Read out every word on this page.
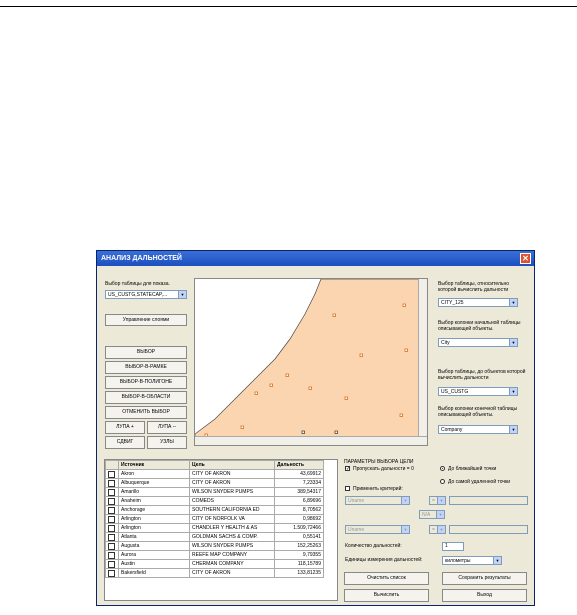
АНАЛИЗ ДАЛЬНОСТЕЙ	✕
Выбор таблицы для показа.
US_CUSTG,STATECAP,...	▼
Управление слоями
ВЫБОР
ВЫБОР-В-РАМКЕ
ВЫБОР-В-ПОЛИГОНЕ
ВЫБОР-В-ОБЛАСТИ
ОТМЕНИТЬ ВЫБОР
ЛУПА +	ЛУПА --
СДВИГ	УЗЛЫ
Выбор таблицы, относительно которой вычислить дальности
CITY_125	▼
Выбор колонки начальной таблицы описывающей объекты.
City	▼
Выбор таблицы, до объектов которой вычислить дальности
US_CUSTG	▼
Выбор колонки конечной таблицы описывающей объекты.
Company	▼
	Источник	Цель	Дальность
	Akron	CITY OF AKRON	43,69912
	Albuquerque	CITY OF AKRON	7,23334
	Amarillo	WILSON SNYDER PUMPS	389,54317
	Anaheim	COMEDS	6,89696
	Anchorage	SOUTHERN CALIFORNIA ED	8,70562
	Arlington	CITY OF NORFOLK VA	0,98692
	Arlington	CHANDLER Y HEALTH & AS	1.509,72466
	Atlanta	GOLDMAN SACHS & COMP.	0,55141
	Augusta	WILSON SNYDER PUMPS	152,25263
	Aurora	REEFE MAP COMPANY	9,79355
	Austin	CHERMAN COMPANY	118,15789
	Bakersfield	CITY OF AKRON	133,81235
ПАРАМЕТРЫ ВЫБОРА ЦЕЛИ
✓ Пропускать дальности = 0	До ближайшей точки
До самой удаленной точки
Применить критерий:
Uname	▼	=	▼
N/A	▼
Uname	▼	=	▼
Количество дальностей:	1
Единицы измерения дальностей:	километры	▼
Очистить список	Сохранить результаты
Вычислить	Выход
